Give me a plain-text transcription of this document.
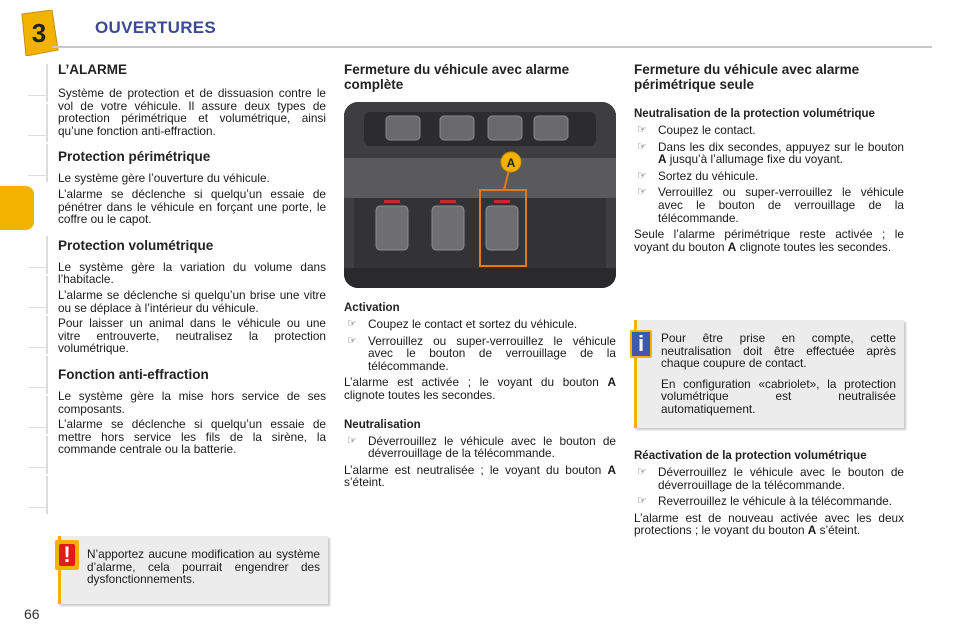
3	OUVERTURES
L’ALARME

Système de protection et de dissuasion contre le vol de votre véhicule. Il assure deux types de protection périmétrique et volumétrique, ainsi qu’une fonction anti-effraction.

Protection périmétrique

Le système gère l’ouverture du véhicule.

L’alarme se déclenche si quelqu’un essaie de pénétrer dans le véhicule en forçant une porte, le coffre ou le capot.

Protection volumétrique

Le système gère la variation du volume dans l’habitacle.

L’alarme se déclenche si quelqu’un brise une vitre ou se déplace à l’intérieur du véhicule.

Pour laisser un animal dans le véhicule ou une vitre entrouverte, neutralisez la protection volumétrique.

Fonction anti-effraction

Le système gère la mise hors service de ses composants.

L’alarme se déclenche si quelqu’un essaie de mettre hors service les fils de la sirène, la commande centrale ou la batterie.

N’apportez aucune modification au système d’alarme, cela pourrait engendrer des dysfonctionnements.

!
Fermeture du véhicule avec alarme complète
A
Activation
☞ Coupez le contact et sortez du véhicule.
☞ Verrouillez ou super-verrouillez le véhicule avec le bouton de verrouillage de la télécommande.

L’alarme est activée ; le voyant du bouton A clignote toutes les secondes.

Neutralisation
☞ Déverrouillez le véhicule avec le bouton de déverrouillage de la télécommande.

L’alarme est neutralisée ; le voyant du bouton A s’éteint.

Fermeture du véhicule avec alarme périmétrique seule
Neutralisation de la protection volumétrique
☞ Coupez le contact.
☞ Dans les dix secondes, appuyez sur le bouton A jusqu’à l’allumage fixe du voyant.
☞ Sortez du véhicule.
☞ Verrouillez ou super-verrouillez le véhicule avec le bouton de verrouillage de la télécommande.

Seule l’alarme périmétrique reste activée ; le voyant du bouton A clignote toutes les secondes.

Pour être prise en compte, cette neutralisation doit être effectuée après chaque coupure de contact.

En configuration «cabriolet», la protection volumétrique est neutralisée automatiquement.

i
Réactivation de la protection volumétrique
☞ Déverrouillez le véhicule avec le bouton de déverrouillage de la télécommande.
☞ Reverrouillez le véhicule à la télécommande.

L’alarme est de nouveau activée avec les deux protections ; le voyant du bouton A s’éteint.

66
